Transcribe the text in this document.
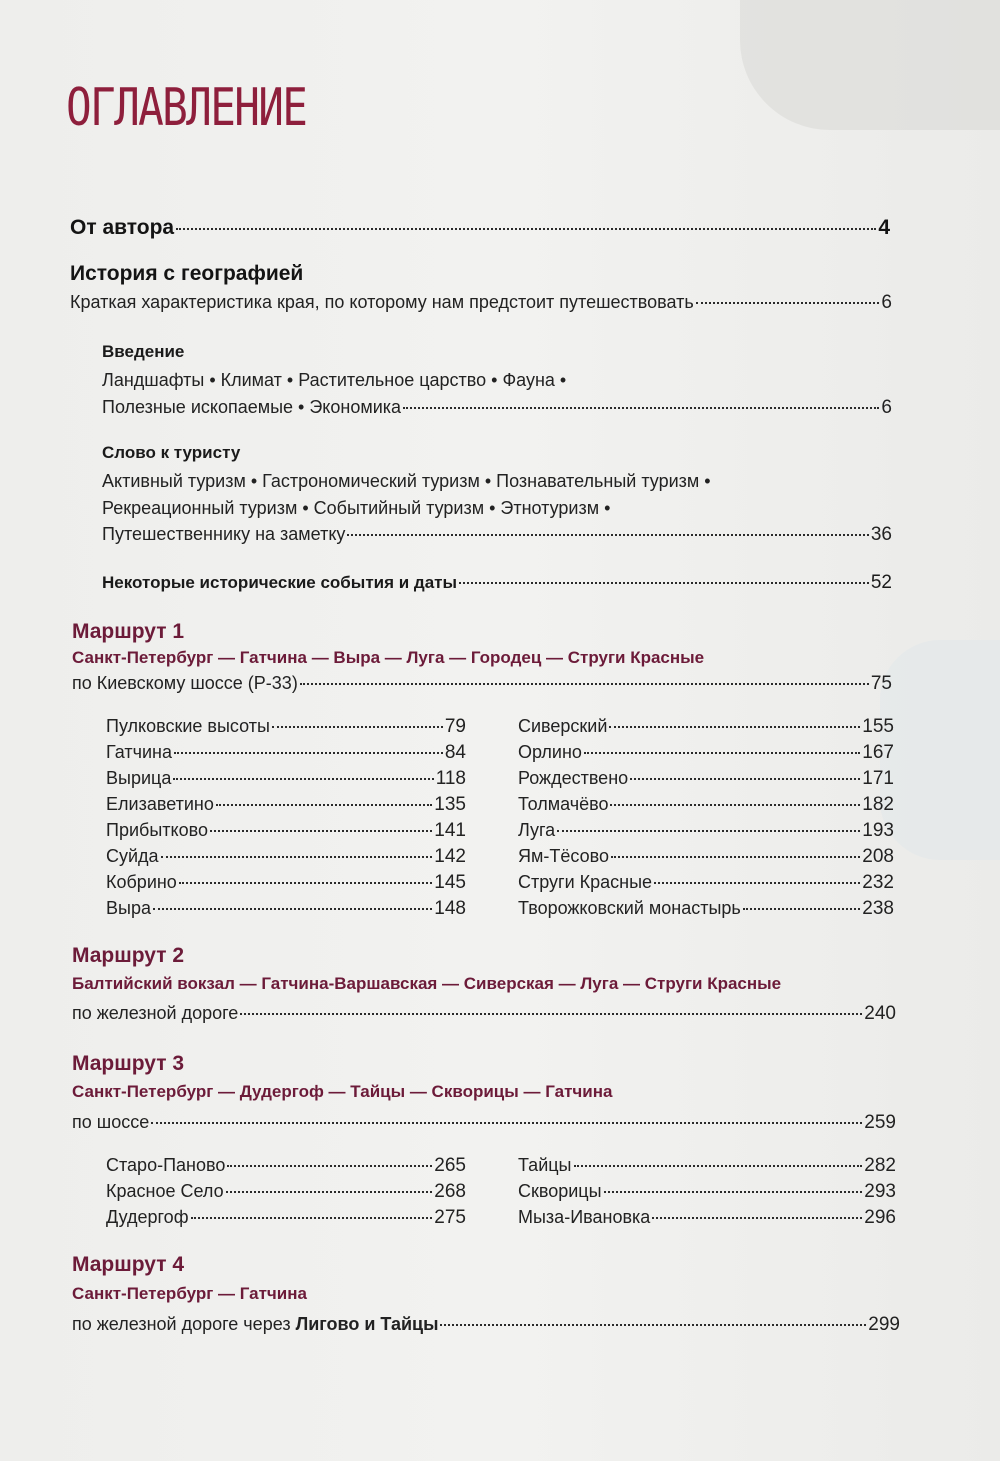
ОГЛАВЛЕНИЕ
От автора	4
История с географией
Краткая характеристика края, по которому нам предстоит путешествовать	6
Введение
Ландшафты • Климат • Растительное царство • Фауна •
Полезные ископаемые • Экономика	6
Слово к туристу
Активный туризм • Гастрономический туризм • Познавательный туризм •
Рекреационный туризм • Событийный туризм • Этнотуризм •
Путешественнику на заметку	36
Некоторые исторические события и даты	52
Маршрут 1
Санкт-Петербург — Гатчина — Выра — Луга — Городец — Струги Красные
по Киевскому шоссе (Р-33)	75
Пулковские высоты	79
Гатчина	84
Вырица	118
Елизаветино	135
Прибытково	141
Суйда	142
Кобрино	145
Выра	148
Сиверский	155
Орлино	167
Рождествено	171
Толмачёво	182
Луга	193
Ям-Тёсово	208
Струги Красные	232
Творожковский монастырь	238
Маршрут 2
Балтийский вокзал — Гатчина-Варшавская — Сиверская — Луга — Струги Красные
по железной дороге	240
Маршрут 3
Санкт-Петербург — Дудергоф — Тайцы — Скворицы — Гатчина
по шоссе	259
Старо-Паново	265
Красное Село	268
Дудергоф	275
Тайцы	282
Скворицы	293
Мыза-Ивановка	296
Маршрут 4
Санкт-Петербург — Гатчина
по железной дороге через Лигово и Тайцы	299
